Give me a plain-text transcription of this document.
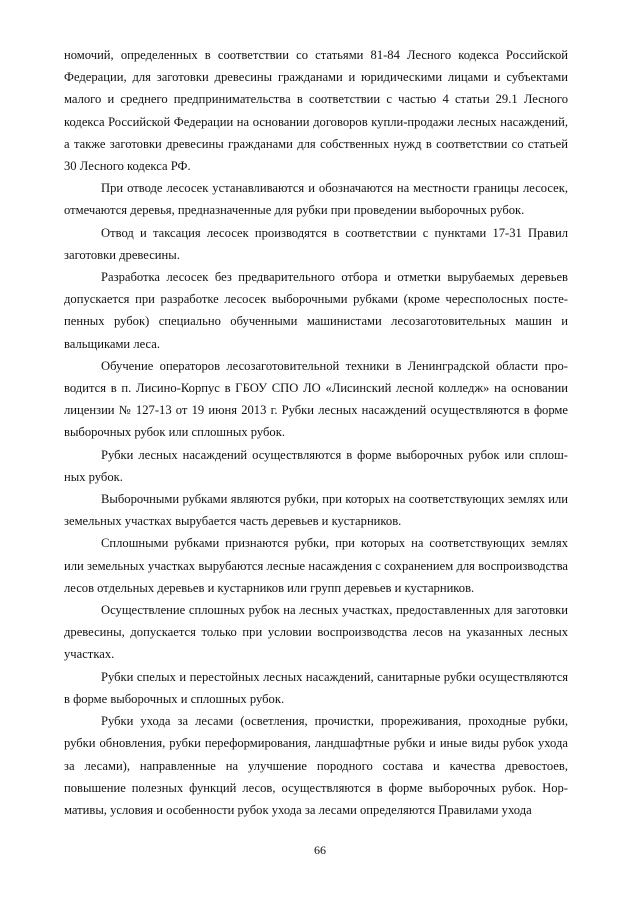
номочий, определенных в соответствии со статьями 81-84 Лесного кодекса Российской Федерации, для заготовки древесины гражданами и юридическими лицами и субъектами малого и среднего предпринимательства в соответствии с частью 4 статьи 29.1 Лесного кодекса Российской Федерации на основании договоров купли-продажи лесных насаждений, а также заготовки древесины гражданами для собственных нужд в соответствии со статьей 30 Лесного кодекса РФ.

При отводе лесосек устанавливаются и обозначаются на местности границы лесосек, отмечаются деревья, предназначенные для рубки при проведении выборочных рубок.

Отвод и таксация лесосек производятся в соответствии с пунктами 17-31 Правил заготовки древесины.

Разработка лесосек без предварительного отбора и отметки вырубаемых деревьев допускается при разработке лесосек выборочными рубками (кроме чересполосных постепенных рубок) специально обученными машинистами лесозаготовительных машин и вальщиками леса.

Обучение операторов лесозаготовительной техники в Ленинградской области проводится в п. Лисино-Корпус в ГБОУ СПО ЛО «Лисинский лесной колледж» на основании лицензии № 127-13 от 19 июня 2013 г. Рубки лесных насаждений осуществляются в форме выборочных рубок или сплошных рубок.

Рубки лесных насаждений осуществляются в форме выборочных рубок или сплошных рубок.

Выборочными рубками являются рубки, при которых на соответствующих землях или земельных участках вырубается часть деревьев и кустарников.

Сплошными рубками признаются рубки, при которых на соответствующих землях или земельных участках вырубаются лесные насаждения с сохранением для воспроизводства лесов отдельных деревьев и кустарников или групп деревьев и кустарников.

Осуществление сплошных рубок на лесных участках, предоставленных для заготовки древесины, допускается только при условии воспроизводства лесов на указанных лесных участках.

Рубки спелых и перестойных лесных насаждений, санитарные рубки осуществляются в форме выборочных и сплошных рубок.

Рубки ухода за лесами (осветления, прочистки, прореживания, проходные рубки, рубки обновления, рубки переформирования, ландшафтные рубки и иные виды рубок ухода за лесами), направленные на улучшение породного состава и качества древостоев, повышение полезных функций лесов, осуществляются в форме выборочных рубок. Нормативы, условия и особенности рубок ухода за лесами определяются Правилами ухода

66
